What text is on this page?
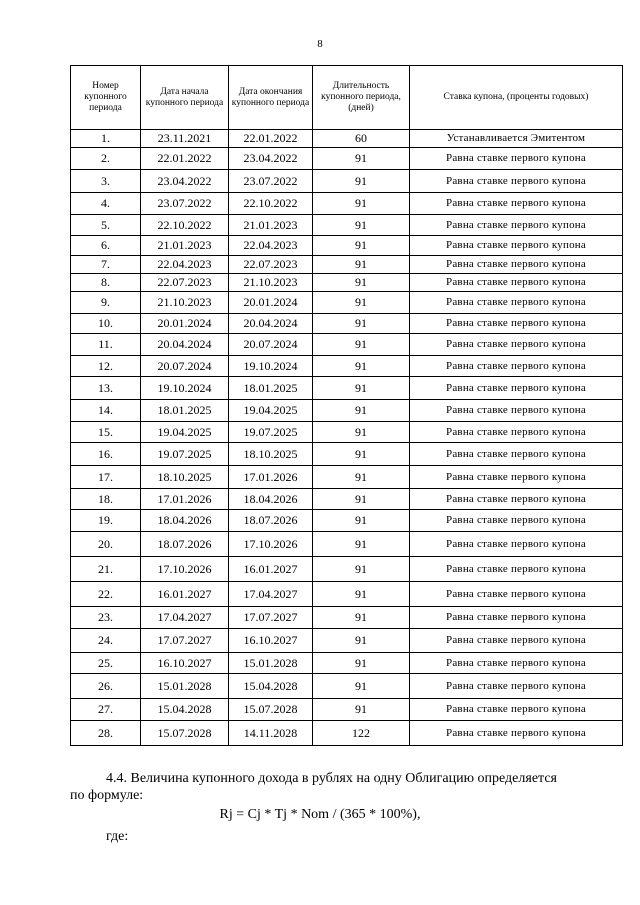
8
Номер купонного периода	Дата начала купонного периода	Дата окончания купонного периода	Длительность купонного периода, (дней)	Ставка купона, (проценты годовых)
1.	23.11.2021	22.01.2022	60	Устанавливается Эмитентом
2.	22.01.2022	23.04.2022	91	Равна ставке первого купона
3.	23.04.2022	23.07.2022	91	Равна ставке первого купона
4.	23.07.2022	22.10.2022	91	Равна ставке первого купона
5.	22.10.2022	21.01.2023	91	Равна ставке первого купона
6.	21.01.2023	22.04.2023	91	Равна ставке первого купона
7.	22.04.2023	22.07.2023	91	Равна ставке первого купона
8.	22.07.2023	21.10.2023	91	Равна ставке первого купона
9.	21.10.2023	20.01.2024	91	Равна ставке первого купона
10.	20.01.2024	20.04.2024	91	Равна ставке первого купона
11.	20.04.2024	20.07.2024	91	Равна ставке первого купона
12.	20.07.2024	19.10.2024	91	Равна ставке первого купона
13.	19.10.2024	18.01.2025	91	Равна ставке первого купона
14.	18.01.2025	19.04.2025	91	Равна ставке первого купона
15.	19.04.2025	19.07.2025	91	Равна ставке первого купона
16.	19.07.2025	18.10.2025	91	Равна ставке первого купона
17.	18.10.2025	17.01.2026	91	Равна ставке первого купона
18.	17.01.2026	18.04.2026	91	Равна ставке первого купона
19.	18.04.2026	18.07.2026	91	Равна ставке первого купона
20.	18.07.2026	17.10.2026	91	Равна ставке первого купона
21.	17.10.2026	16.01.2027	91	Равна ставке первого купона
22.	16.01.2027	17.04.2027	91	Равна ставке первого купона
23.	17.04.2027	17.07.2027	91	Равна ставке первого купона
24.	17.07.2027	16.10.2027	91	Равна ставке первого купона
25.	16.10.2027	15.01.2028	91	Равна ставке первого купона
26.	15.01.2028	15.04.2028	91	Равна ставке первого купона
27.	15.04.2028	15.07.2028	91	Равна ставке первого купона
28.	15.07.2028	14.11.2028	122	Равна ставке первого купона
4.4. Величина купонного дохода в рублях на одну Облигацию определяется
по формуле:
Rj = Cj * Tj * Nom / (365 * 100%),
где:
